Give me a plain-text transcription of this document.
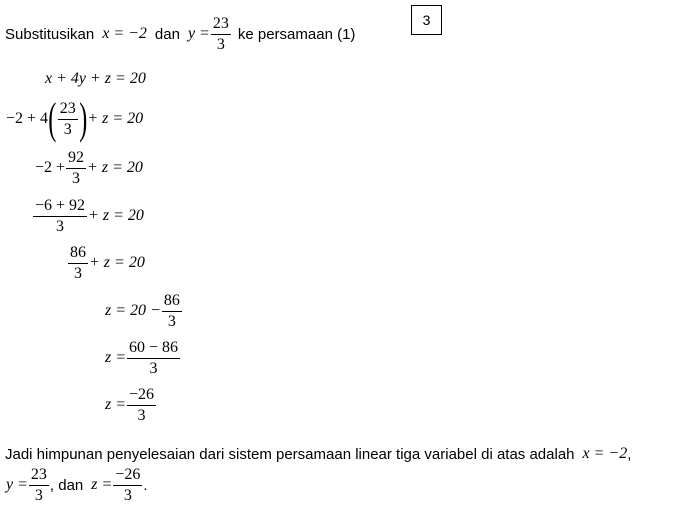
3
Substitusikan x = −2 dan $y = \frac{23}{3}$ ke persamaan (1)
x + 4y + z = 20
−2 + 4 ( $\frac{23}{3}$ ) + z = 20
$-2 + \frac{92}{3} + z = 20$
$\frac{-6 + 92}{3} + z = 20$
$\frac{86}{3} + z = 20$
$z = 20 - \frac{86}{3}$
$z = \frac{60 - 86}{3}$
$z = \frac{-26}{3}$
Jadi himpunan penyelesaian dari sistem persamaan linear tiga variabel di atas adalah x = −2 ,
$y = \frac{23}{3}$ , dan $z = \frac{-26}{3}$ .
